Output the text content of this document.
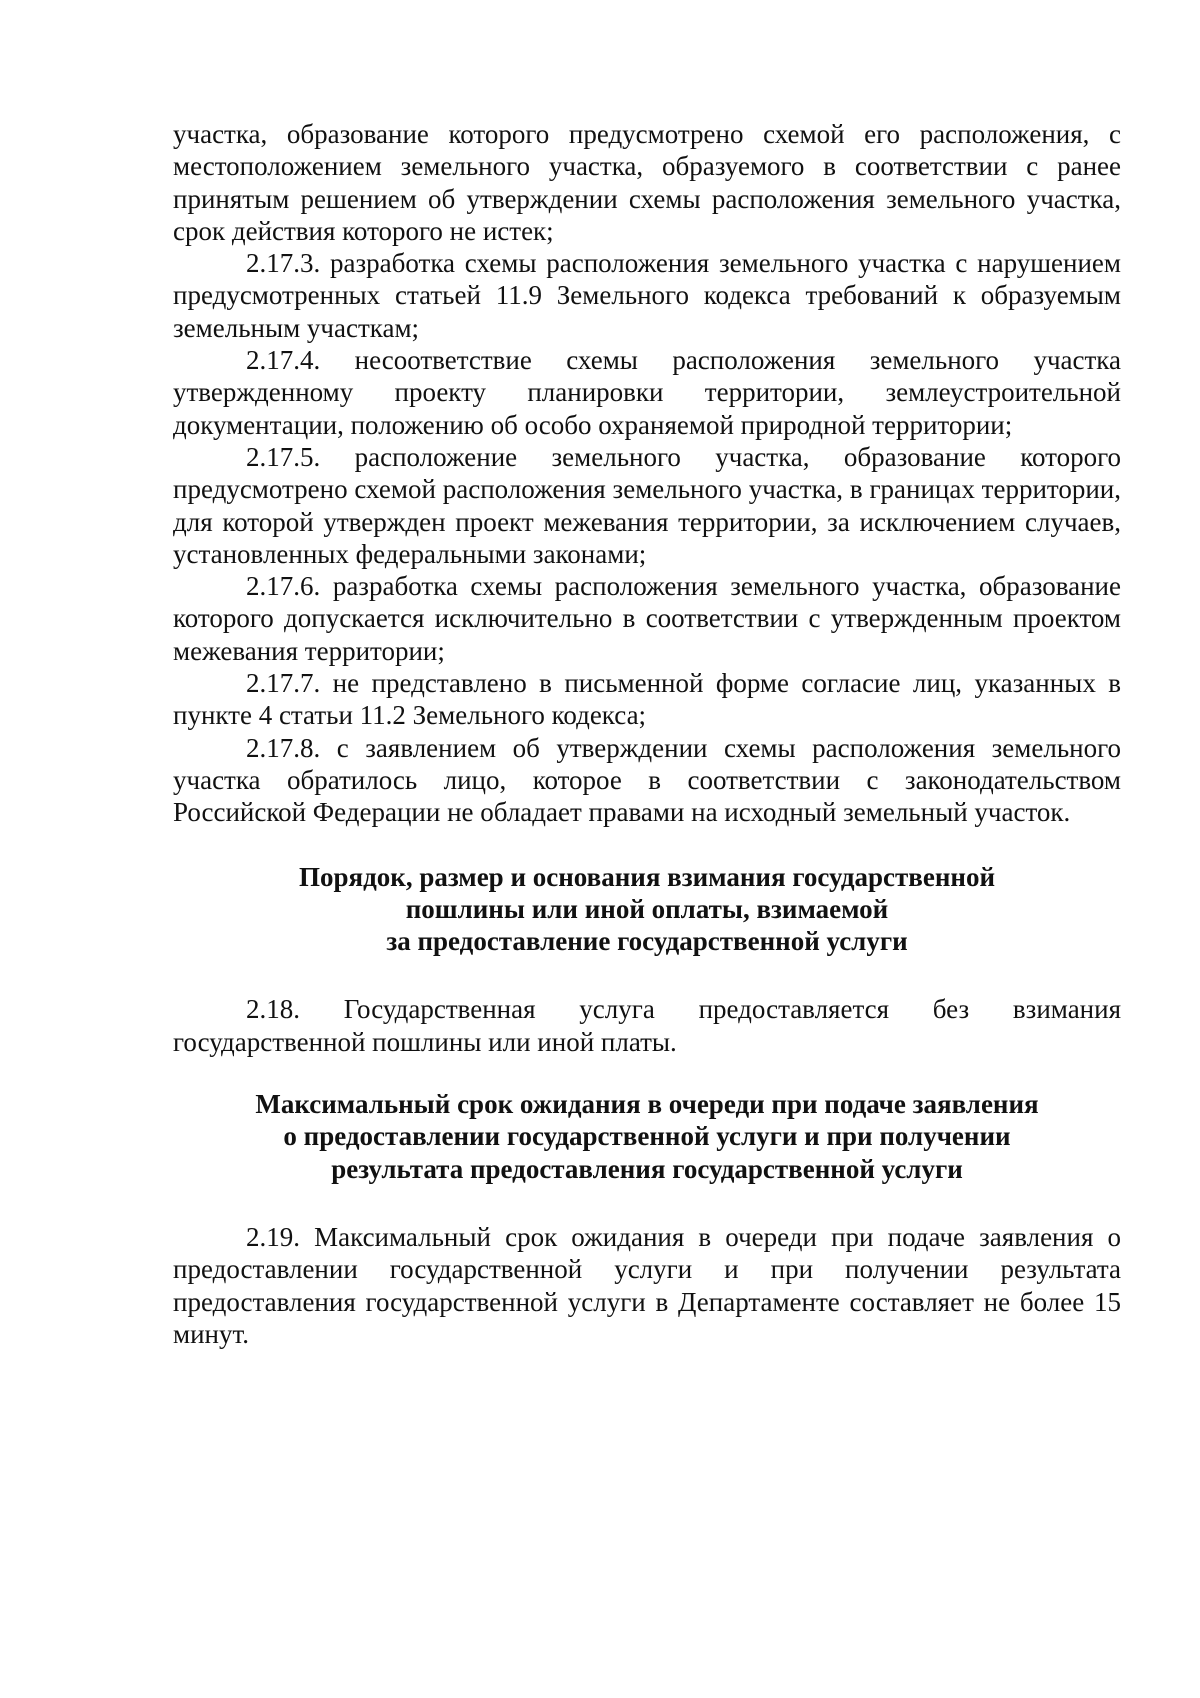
участка, образование которого предусмотрено схемой его расположения, с местоположением земельного участка, образуемого в соответствии с ранее принятым решением об утверждении схемы расположения земельного участка, срок действия которого не истек;

2.17.3. разработка схемы расположения земельного участка с нарушением предусмотренных статьей 11.9 Земельного кодекса требований к образуемым земельным участкам;

2.17.4. несоответствие схемы расположения земельного участка утвержденному проекту планировки территории, землеустроительной документации, положению об особо охраняемой природной территории;

2.17.5. расположение земельного участка, образование которого предусмотрено схемой расположения земельного участка, в границах территории, для которой утвержден проект межевания территории, за исключением случаев, установленных федеральными законами;

2.17.6. разработка схемы расположения земельного участка, образование которого допускается исключительно в соответствии с утвержденным проектом межевания территории;

2.17.7. не представлено в письменной форме согласие лиц, указанных в пункте 4 статьи 11.2 Земельного кодекса;

2.17.8. с заявлением об утверждении схемы расположения земельного участка обратилось лицо, которое в соответствии с законодательством Российской Федерации не обладает правами на исходный земельный участок.

Порядок, размер и основания взимания государственной
пошлины или иной оплаты, взимаемой
за предоставление государственной услуги

2.18. Государственная услуга предоставляется без взимания государственной пошлины или иной платы.

Максимальный срок ожидания в очереди при подаче заявления
о предоставлении государственной услуги и при получении
результата предоставления государственной услуги

2.19. Максимальный срок ожидания в очереди при подаче заявления о предоставлении государственной услуги и при получении результата предоставления государственной услуги в Департаменте составляет не более 15 минут.
